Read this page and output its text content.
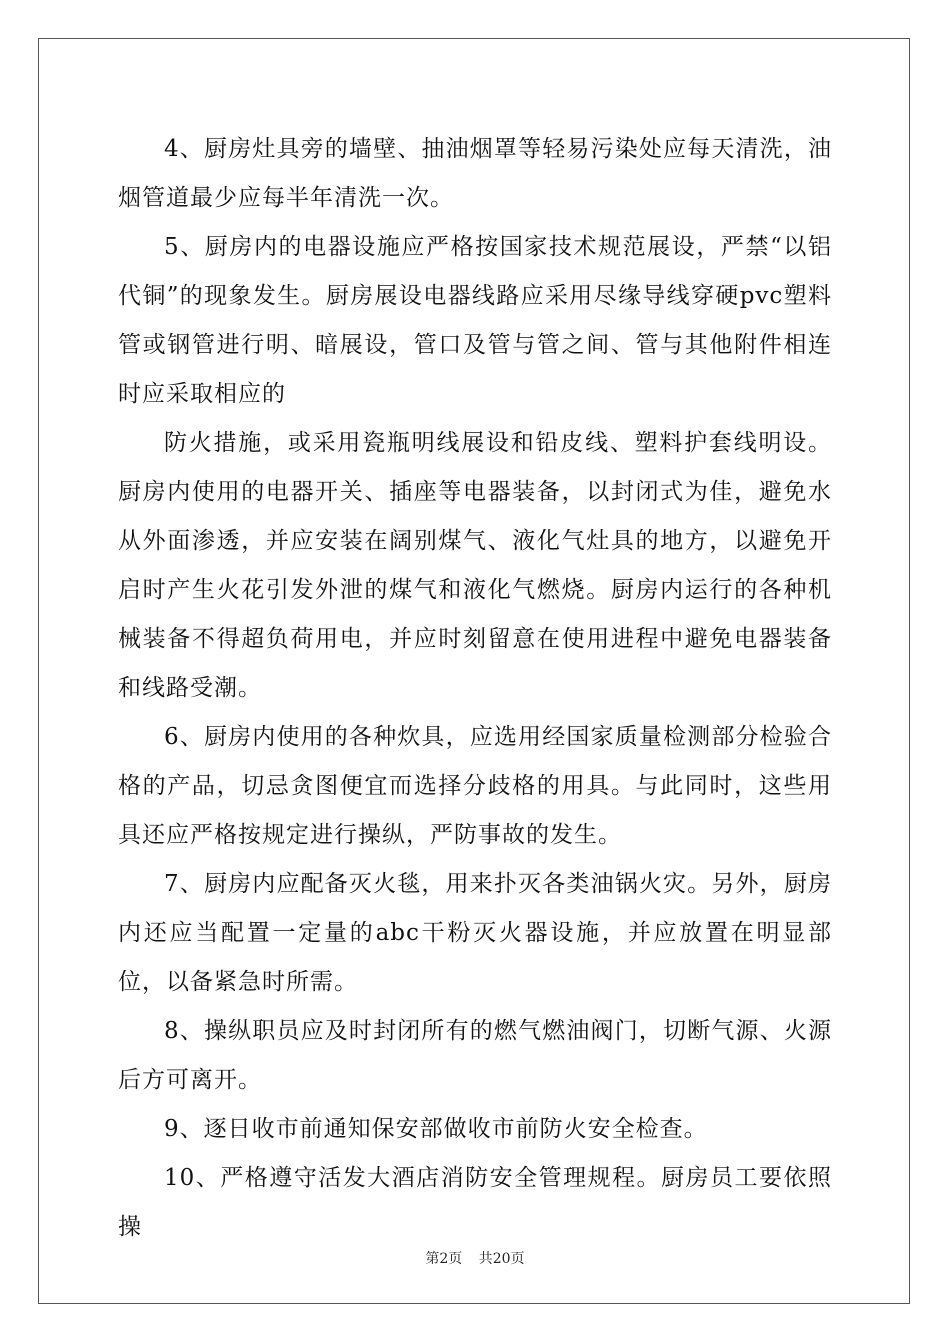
4、厨房灶具旁的墙壁、抽油烟罩等轻易污染处应每天清洗，油烟管道最少应每半年清洗一次。

5、厨房内的电器设施应严格按国家技术规范展设，严禁“以铝代铜”的现象发生。厨房展设电器线路应采用尽缘导线穿硬pvc塑料管或钢管进行明、暗展设，管口及管与管之间、管与其他附件相连时应采取相应的

防火措施，或采用瓷瓶明线展设和铅皮线、塑料护套线明设。厨房内使用的电器开关、插座等电器装备，以封闭式为佳，避免水从外面渗透，并应安装在阔别煤气、液化气灶具的地方，以避免开启时产生火花引发外泄的煤气和液化气燃烧。厨房内运行的各种机械装备不得超负荷用电，并应时刻留意在使用进程中避免电器装备和线路受潮。

6、厨房内使用的各种炊具，应选用经国家质量检测部分检验合格的产品，切忌贪图便宜而选择分歧格的用具。与此同时，这些用具还应严格按规定进行操纵，严防事故的发生。

7、厨房内应配备灭火毯，用来扑灭各类油锅火灾。另外，厨房内还应当配置一定量的abc干粉灭火器设施，并应放置在明显部位，以备紧急时所需。

8、操纵职员应及时封闭所有的燃气燃油阀门，切断气源、火源后方可离开。

9、逐日收市前通知保安部做收市前防火安全检查。

10、严格遵守活发大酒店消防安全管理规程。厨房员工要依照操

第2页 共20页
